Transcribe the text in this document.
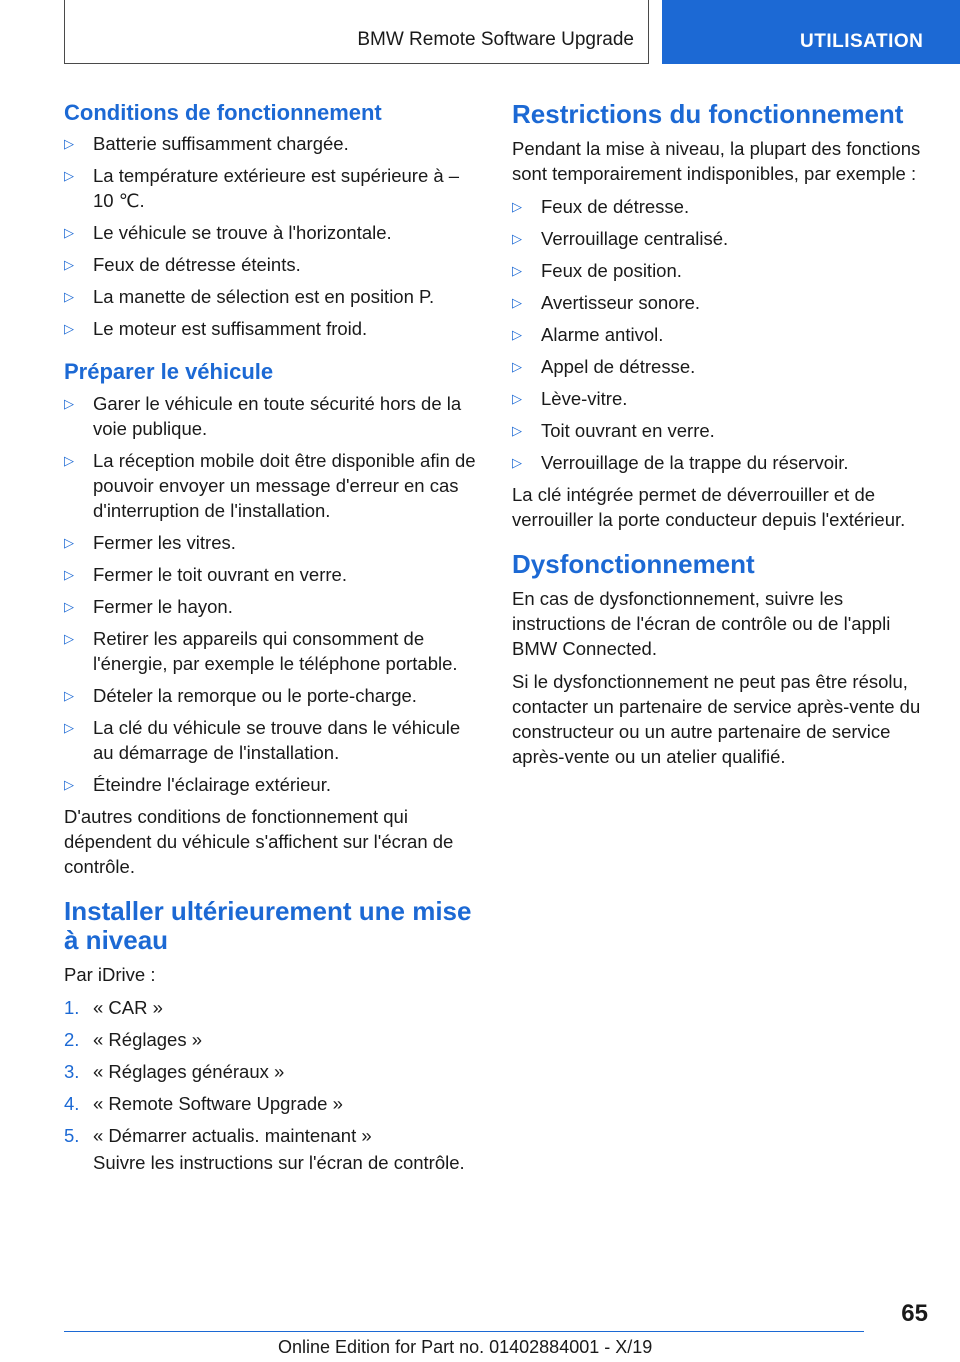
BMW Remote Software Upgrade	UTILISATION
Conditions de fonctionnement
▷ Batterie suffisamment chargée.
▷ La température extérieure est supérieure à –10 ℃.
▷ Le véhicule se trouve à l'horizontale.
▷ Feux de détresse éteints.
▷ La manette de sélection est en position P.
▷ Le moteur est suffisamment froid.
Préparer le véhicule
▷ Garer le véhicule en toute sécurité hors de la voie publique.
▷ La réception mobile doit être disponible afin de pouvoir envoyer un message d'erreur en cas d'interruption de l'installation.
▷ Fermer les vitres.
▷ Fermer le toit ouvrant en verre.
▷ Fermer le hayon.
▷ Retirer les appareils qui consomment de l'énergie, par exemple le téléphone portable.
▷ Dételer la remorque ou le porte-charge.
▷ La clé du véhicule se trouve dans le véhicule au démarrage de l'installation.
▷ Éteindre l'éclairage extérieur.

D'autres conditions de fonctionnement qui dépendent du véhicule s'affichent sur l'écran de contrôle.

Installer ultérieurement une mise à niveau

Par iDrive :

1. « CAR »
2. « Réglages »
3. « Réglages généraux »
4. « Remote Software Upgrade »
5. « Démarrer actualis. maintenant »

Suivre les instructions sur l'écran de contrôle.

Restrictions du fonctionnement

Pendant la mise à niveau, la plupart des fonctions sont temporairement indisponibles, par exemple :

▷ Feux de détresse.
▷ Verrouillage centralisé.
▷ Feux de position.
▷ Avertisseur sonore.
▷ Alarme antivol.
▷ Appel de détresse.
▷ Lève-vitre.
▷ Toit ouvrant en verre.
▷ Verrouillage de la trappe du réservoir.

La clé intégrée permet de déverrouiller et de verrouiller la porte conducteur depuis l'extérieur.

Dysfonctionnement

En cas de dysfonctionnement, suivre les instructions de l'écran de contrôle ou de l'appli BMW Connected.

Si le dysfonctionnement ne peut pas être résolu, contacter un partenaire de service après-vente du constructeur ou un autre partenaire de service après-vente ou un atelier qualifié.

65
Online Edition for Part no. 01402884001 - X/19
